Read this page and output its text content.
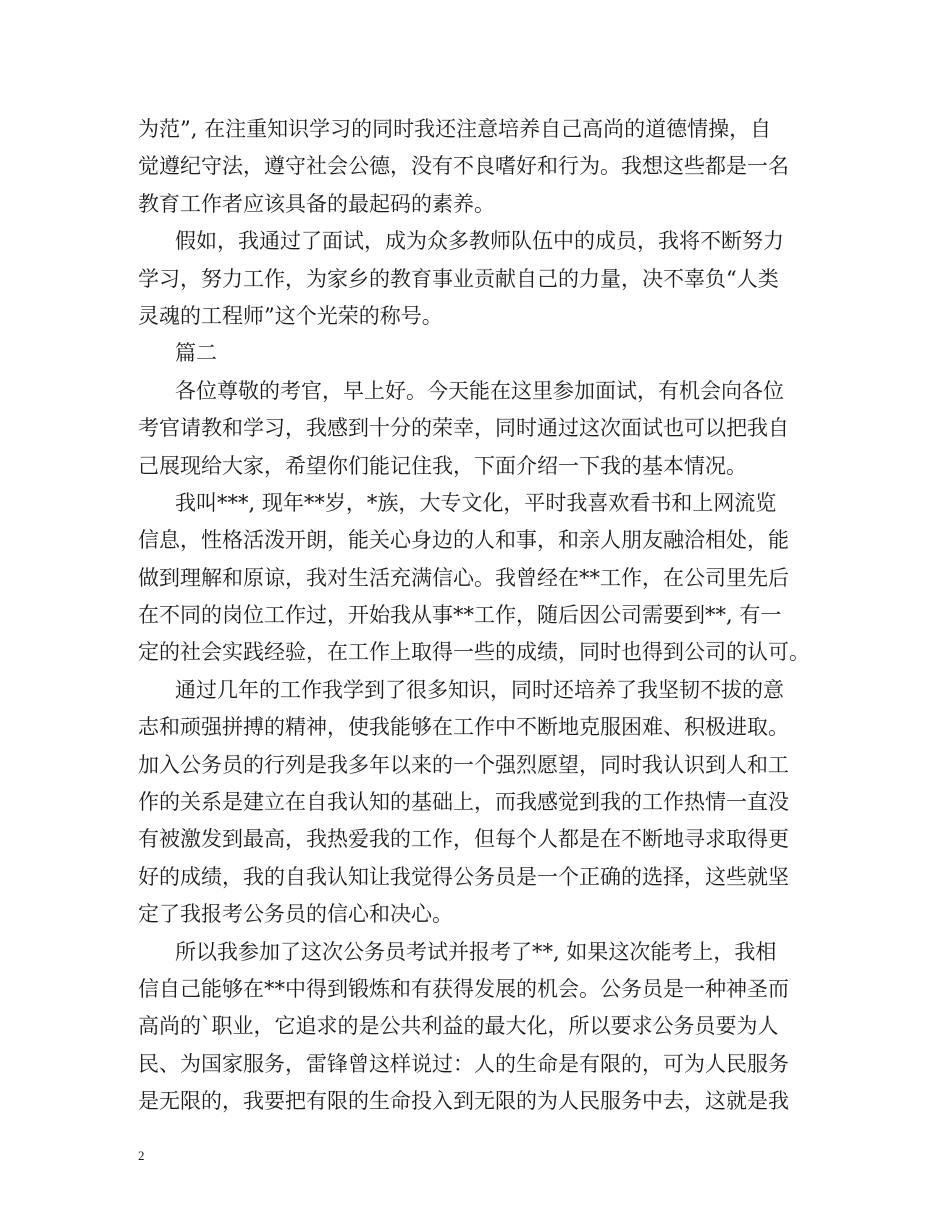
为范”, 在注重知识学习的同时我还注意培养自己高尚的道德情操，自
觉遵纪守法，遵守社会公德，没有不良嗜好和行为。我想这些都是一名
教育工作者应该具备的最起码的素养。
假如，我通过了面试，成为众多教师队伍中的成员，我将不断努力
学习，努力工作，为家乡的教育事业贡献自己的力量，决不辜负“人类
灵魂的工程师”这个光荣的称号。
篇二
各位尊敬的考官，早上好。今天能在这里参加面试，有机会向各位
考官请教和学习，我感到十分的荣幸，同时通过这次面试也可以把我自
己展现给大家，希望你们能记住我，下面介绍一下我的基本情况。
我叫***, 现年**岁，*族，大专文化，平时我喜欢看书和上网流览
信息，性格活泼开朗，能关心身边的人和事，和亲人朋友融洽相处，能
做到理解和原谅，我对生活充满信心。我曾经在**工作，在公司里先后
在不同的岗位工作过，开始我从事**工作，随后因公司需要到**, 有一
定的社会实践经验，在工作上取得一些的成绩，同时也得到公司的认可。
通过几年的工作我学到了很多知识，同时还培养了我坚韧不拔的意
志和顽强拼搏的精神，使我能够在工作中不断地克服困难、积极进取。
加入公务员的行列是我多年以来的一个强烈愿望，同时我认识到人和工
作的关系是建立在自我认知的基础上，而我感觉到我的工作热情一直没
有被激发到最高，我热爱我的工作，但每个人都是在不断地寻求取得更
好的成绩，我的自我认知让我觉得公务员是一个正确的选择，这些就坚
定了我报考公务员的信心和决心。
所以我参加了这次公务员考试并报考了**, 如果这次能考上，我相
信自己能够在**中得到锻炼和有获得发展的机会。公务员是一种神圣而
高尚的`职业，它追求的是公共利益的最大化，所以要求公务员要为人
民、为国家服务，雷锋曾这样说过：人的生命是有限的，可为人民服务
是无限的，我要把有限的生命投入到无限的为人民服务中去，这就是我
2
